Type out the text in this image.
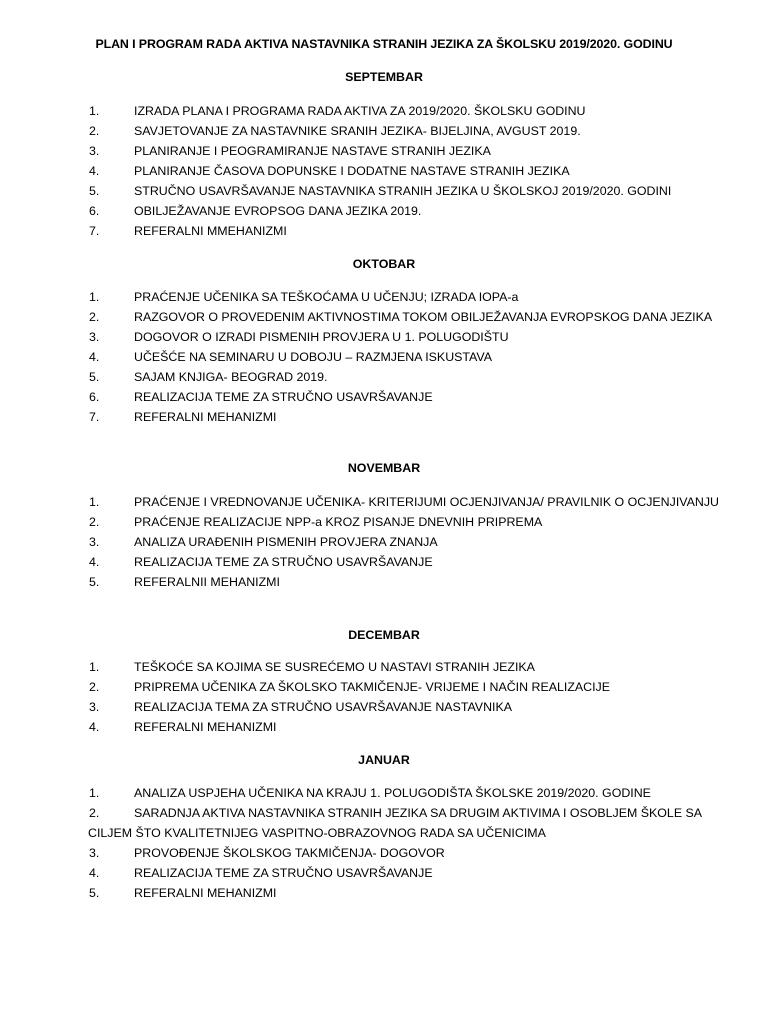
PLAN I PROGRAM RADA AKTIVA NASTAVNIKA STRANIH JEZIKA ZA ŠKOLSKU 2019/2020. GODINU
SEPTEMBAR
1.	IZRADA PLANA I PROGRAMA RADA AKTIVA ZA 2019/2020. ŠKOLSKU GODINU
2.	SAVJETOVANJE ZA NASTAVNIKE SRANIH JEZIKA- BIJELJINA, AVGUST 2019.
3.	PLANIRANJE I PEOGRAMIRANJE NASTAVE STRANIH JEZIKA
4.	PLANIRANJE ČASOVA DOPUNSKE I DODATNE NASTAVE STRANIH JEZIKA
5.	STRUČNO USAVRŠAVANJE NASTAVNIKA STRANIH JEZIKA U ŠKOLSKOJ 2019/2020. GODINI
6.	OBILJEŽAVANJE EVROPSOG DANA JEZIKA 2019.
7.	REFERALNI MMEHANIZMI
OKTOBAR
1.	PRAĆENJE UČENIKA SA TEŠKOĆAMA U UČENJU; IZRADA IOPA-a
2.	RAZGOVOR O PROVEDENIM AKTIVNOSTIMA TOKOM OBILJEŽAVANJA EVROPSKOG DANA JEZIKA
3.	DOGOVOR O IZRADI PISMENIH PROVJERA U 1. POLUGODIŠTU
4.	UČEŠĆE NA SEMINARU U DOBOJU – RAZMJENA ISKUSTAVA
5.	SAJAM KNJIGA- BEOGRAD 2019.
6.	REALIZACIJA TEME ZA STRUČNO USAVRŠAVANJE
7.	REFERALNI MEHANIZMI
NOVEMBAR
1.	PRAĆENJE I VREDNOVANJE UČENIKA- KRITERIJUMI OCJENJIVANJA/ PRAVILNIK O OCJENJIVANJU
2.	PRAĆENJE REALIZACIJE NPP-a KROZ PISANJE DNEVNIH PRIPREMA
3.	ANALIZA URAĐENIH PISMENIH PROVJERA ZNANJA
4.	REALIZACIJA TEME ZA STRUČNO USAVRŠAVANJE
5.	REFERALNII MEHANIZMI
DECEMBAR
1.	TEŠKOĆE SA KOJIMA SE SUSREĆEMO U NASTAVI STRANIH JEZIKA
2.	PRIPREMA UČENIKA ZA ŠKOLSKO TAKMIČENJE- VRIJEME I NAČIN REALIZACIJE
3.	REALIZACIJA TEMA ZA STRUČNO USAVRŠAVANJE NASTAVNIKA
4.	REFERALNI MEHANIZMI
JANUAR
1.	ANALIZA USPJEHA UČENIKA NA KRAJU 1. POLUGODIŠTA ŠKOLSKE 2019/2020. GODINE
2.	SARADNJA AKTIVA NASTAVNIKA STRANIH JEZIKA SA DRUGIM AKTIVIMA I OSOBLJEM ŠKOLE SA
CILJEM ŠTO KVALITETNIJEG VASPITNO-OBRAZOVNOG RADA SA UČENICIMA
3.	PROVOĐENJE ŠKOLSKOG TAKMIČENJA- DOGOVOR
4.	REALIZACIJA TEME ZA STRUČNO USAVRŠAVANJE
5.	REFERALNI MEHANIZMI
